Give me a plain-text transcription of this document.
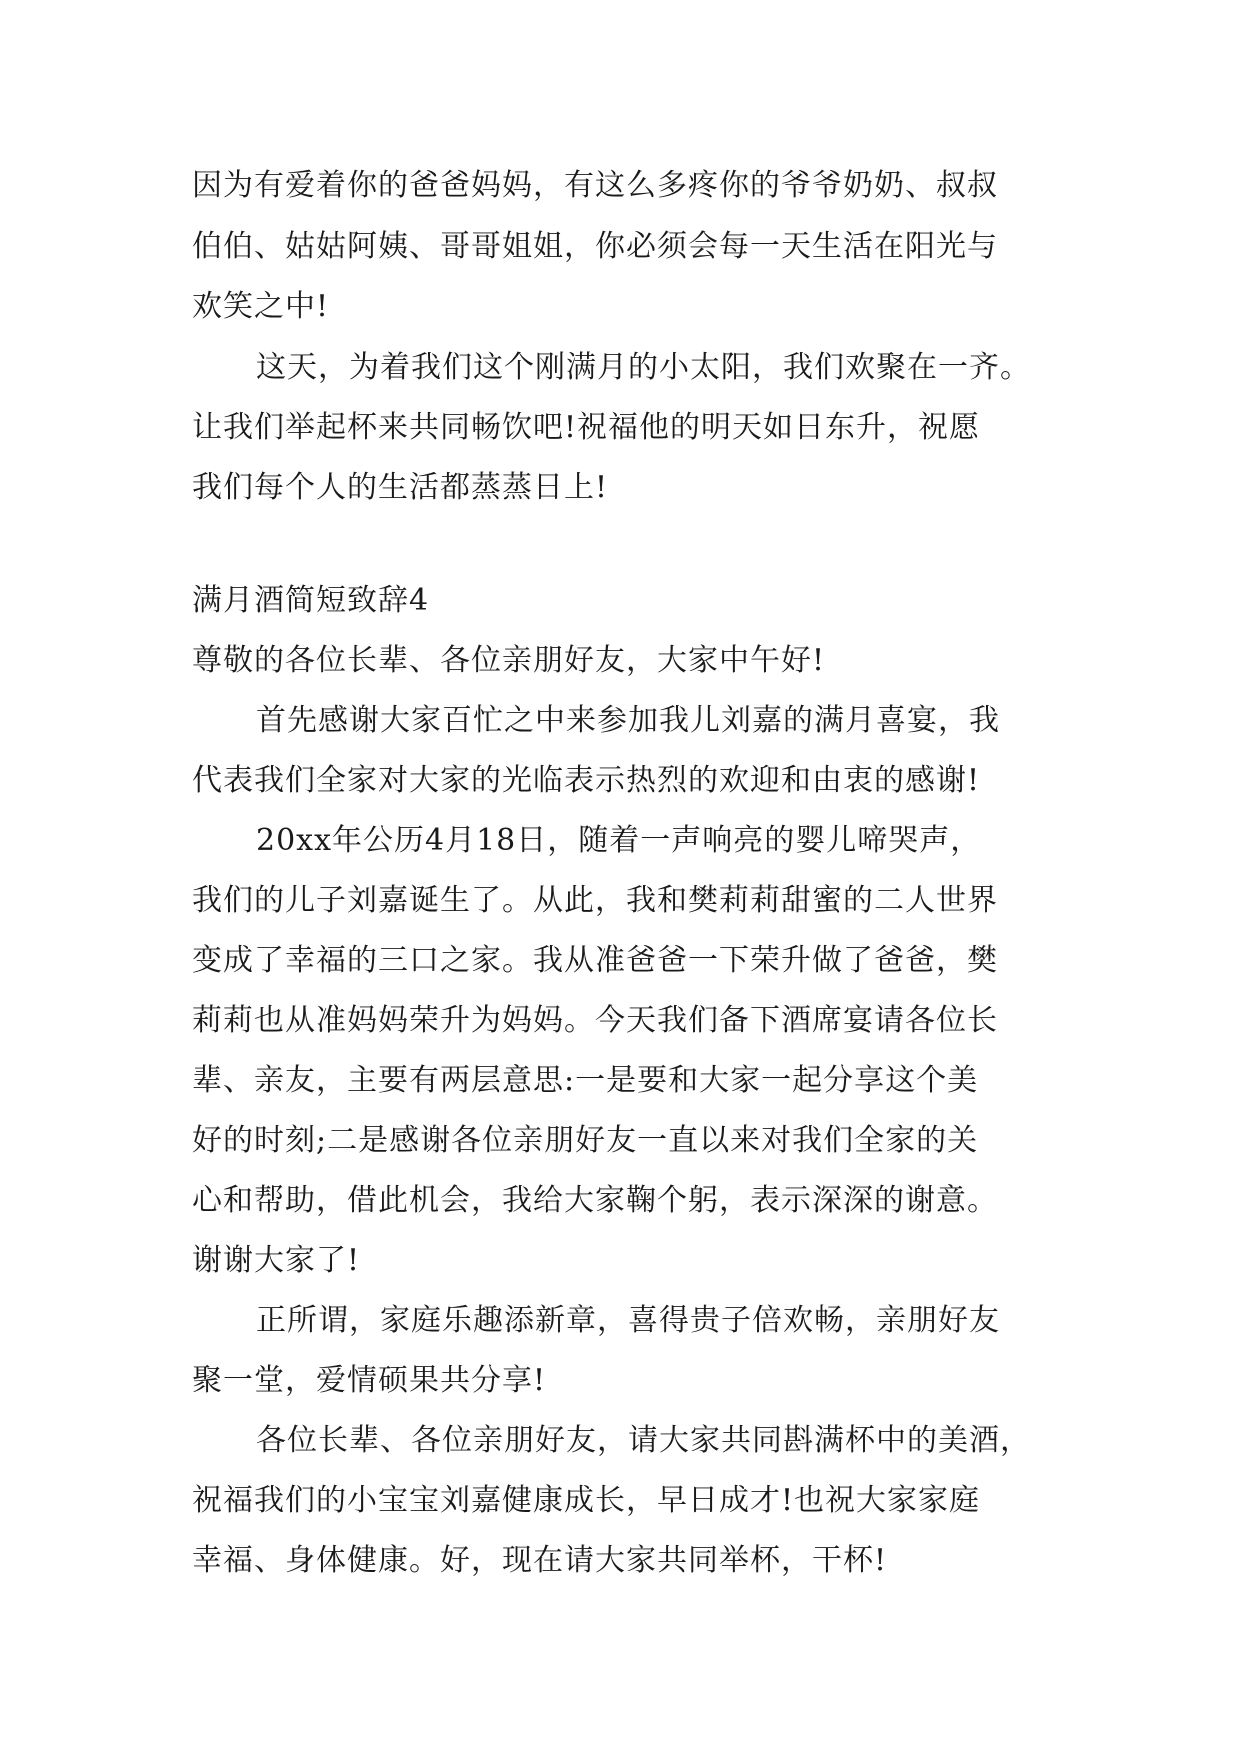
因为有爱着你的爸爸妈妈，有这么多疼你的爷爷奶奶、叔叔
伯伯、姑姑阿姨、哥哥姐姐，你必须会每一天生活在阳光与
欢笑之中!
这天，为着我们这个刚满月的小太阳，我们欢聚在一齐。
让我们举起杯来共同畅饮吧!祝福他的明天如日东升，祝愿
我们每个人的生活都蒸蒸日上!
满月酒简短致辞4
尊敬的各位长辈、各位亲朋好友，大家中午好!
首先感谢大家百忙之中来参加我儿刘嘉的满月喜宴，我
代表我们全家对大家的光临表示热烈的欢迎和由衷的感谢!
20xx年公历4月18日，随着一声响亮的婴儿啼哭声，
我们的儿子刘嘉诞生了。从此，我和樊莉莉甜蜜的二人世界
变成了幸福的三口之家。我从准爸爸一下荣升做了爸爸，樊
莉莉也从准妈妈荣升为妈妈。今天我们备下酒席宴请各位长
辈、亲友，主要有两层意思:一是要和大家一起分享这个美
好的时刻;二是感谢各位亲朋好友一直以来对我们全家的关
心和帮助，借此机会，我给大家鞠个躬，表示深深的谢意。
谢谢大家了!
正所谓，家庭乐趣添新章，喜得贵子倍欢畅，亲朋好友
聚一堂，爱情硕果共分享!
各位长辈、各位亲朋好友，请大家共同斟满杯中的美酒，
祝福我们的小宝宝刘嘉健康成长，早日成才!也祝大家家庭
幸福、身体健康。好，现在请大家共同举杯，干杯!
